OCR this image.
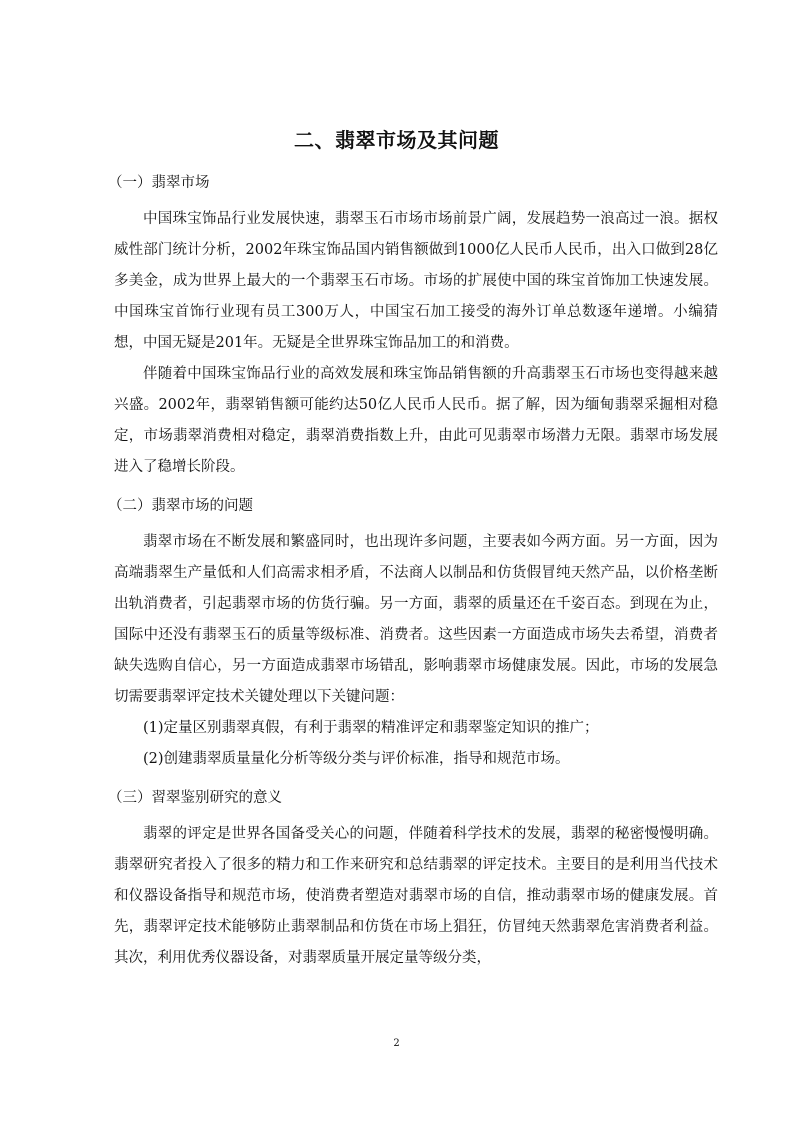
二、翡翠市场及其问题
（一）翡翠市场

中国珠宝饰品行业发展快速，翡翠玉石市场市场前景广阔，发展趋势一浪高过一浪。据权威性部门统计分析，2002年珠宝饰品国内销售额做到1000亿人民币人民币，出入口做到28亿多美金，成为世界上最大的一个翡翠玉石市场。市场的扩展使中国的珠宝首饰加工快速发展。中国珠宝首饰行业现有员工300万人，中国宝石加工接受的海外订单总数逐年递增。小编猜想，中国无疑是201年。无疑是全世界珠宝饰品加工的和消费。

伴随着中国珠宝饰品行业的高效发展和珠宝饰品销售额的升高翡翠玉石市场也变得越来越兴盛。2002年，翡翠销售额可能约达50亿人民币人民币。据了解，因为缅甸翡翠采掘相对稳定，市场翡翠消费相对稳定，翡翠消费指数上升，由此可见翡翠市场潜力无限。翡翠市场发展进入了稳增长阶段。

（二）翡翠市场的问题

翡翠市场在不断发展和繁盛同时，也出现许多问题，主要表如今两方面。另一方面，因为高端翡翠生产量低和人们高需求相矛盾，不法商人以制品和仿货假冒纯天然产品，以价格垄断出轨消费者，引起翡翠市场的仿货行骗。另一方面，翡翠的质量还在千姿百态。到现在为止，国际中还没有翡翠玉石的质量等级标准、消费者。这些因素一方面造成市场失去希望，消费者缺失选购自信心，另一方面造成翡翠市场错乱，影响翡翠市场健康发展。因此，市场的发展急切需要翡翠评定技术关键处理以下关键问题：

(1)定量区别翡翠真假，有利于翡翠的精准评定和翡翠鉴定知识的推广；

(2)创建翡翠质量量化分析等级分类与评价标准，指导和规范市场。

（三）習翠鉴别研究的意义

翡翠的评定是世界各国备受关心的问题，伴随着科学技术的发展，翡翠的秘密慢慢明确。翡翠研究者投入了很多的精力和工作来研究和总结翡翠的评定技术。主要目的是利用当代技术和仪器设备指导和规范市场，使消费者塑造对翡翠市场的自信，推动翡翠市场的健康发展。首先，翡翠评定技术能够防止翡翠制品和仿货在市场上猖狂，仿冒纯天然翡翠危害消费者利益。其次，利用优秀仪器设备，对翡翠质量开展定量等级分类，

2
